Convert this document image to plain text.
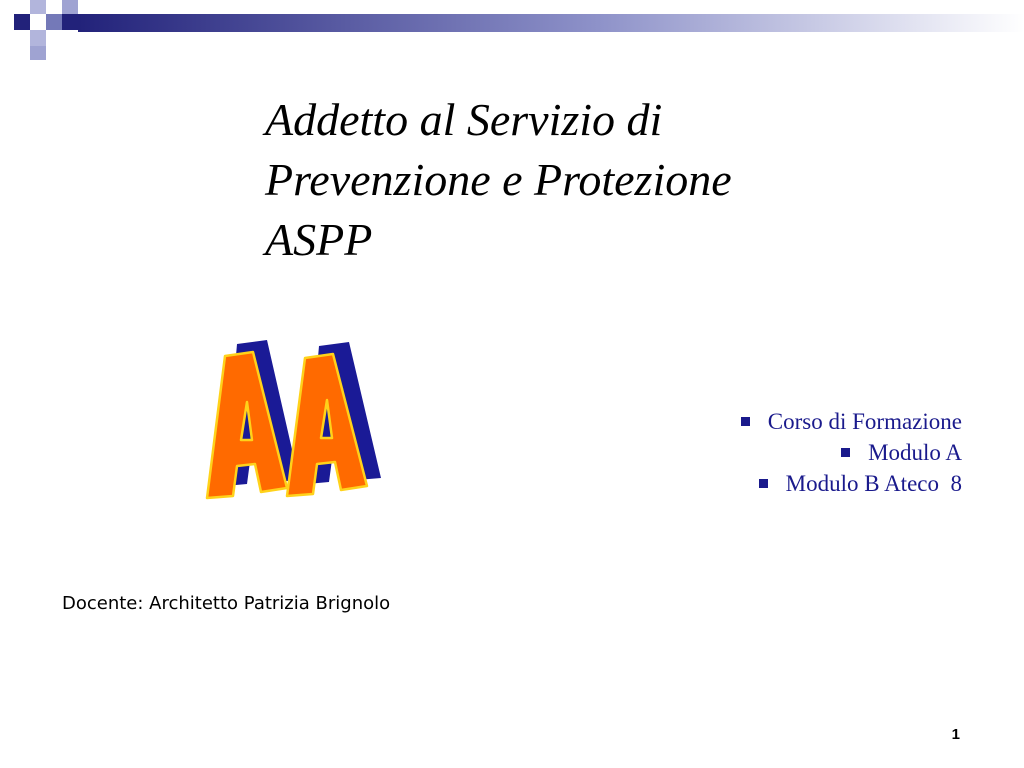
Addetto al Servizio di
Prevenzione e Protezione
ASPP
Corso di Formazione
Modulo A
Modulo B Ateco  8

Docente: Architetto Patrizia Brignolo

1
